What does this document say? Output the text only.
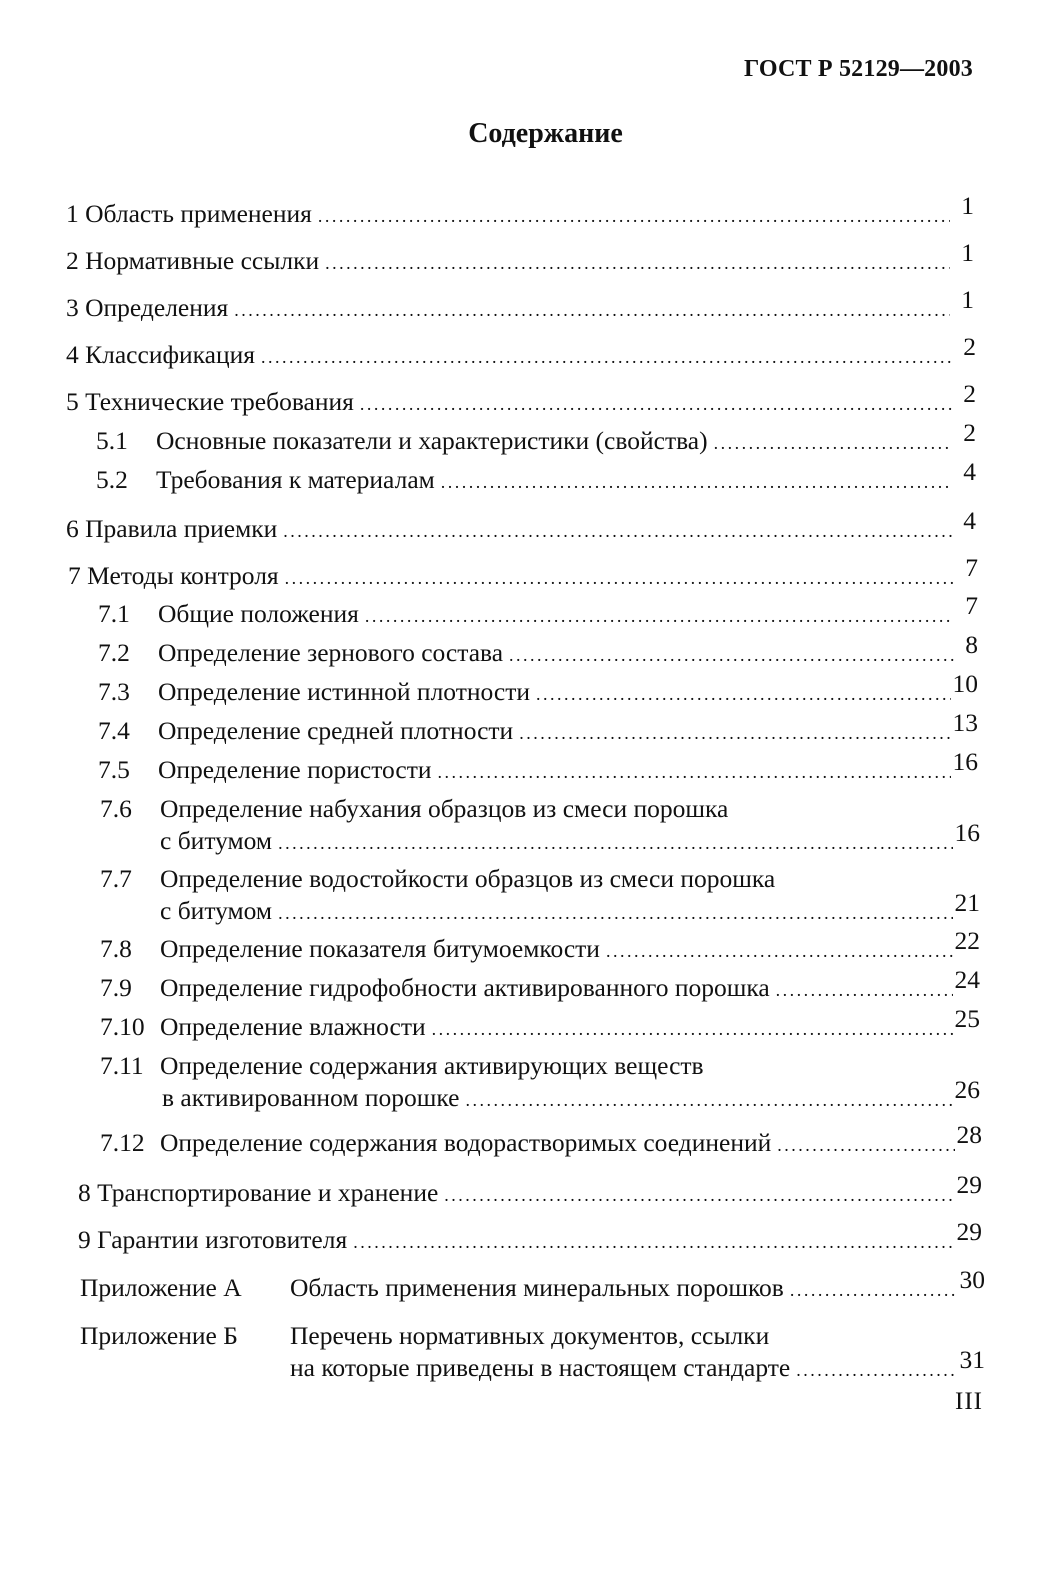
ГОСТ Р 52129—2003
Содержание
1 Область применения . . .	1
2 Нормативные ссылки . . .	1
3 Определения . . .	1
4 Классификация . . .	2
5 Технические требования . . .	2
5.1 Основные показатели и характеристики (свойства) . . .	2
5.2 Требования к материалам . . .	4
6 Правила приемки . . .	4
7 Методы контроля . . .	7
7.1 Общие положения . . .	7
7.2 Определение зернового состава . . .	8
7.3 Определение истинной плотности . . .	10
7.4 Определение средней плотности . . .	13
7.5 Определение пористости . . .	16
7.6 Определение набухания образцов из смеси порошка
с битумом . . .	16
7.7 Определение водостойкости образцов из смеси порошка
с битумом . . .	21
7.8 Определение показателя битумоемкости . . .	22
7.9 Определение гидрофобности активированного порошка . . .	24
7.10 Определение влажности . . .	25
7.11 Определение содержания активирующих веществ
в активированном порошке . . .	26
7.12 Определение содержания водорастворимых соединений . . .	28
8 Транспортирование и хранение . . .	29
9 Гарантии изготовителя . . .	29
Приложение А Область применения минеральных порошков . . .	30
Приложение Б Перечень нормативных документов, ссылки
на которые приведены в настоящем стандарте . . .	31
III
